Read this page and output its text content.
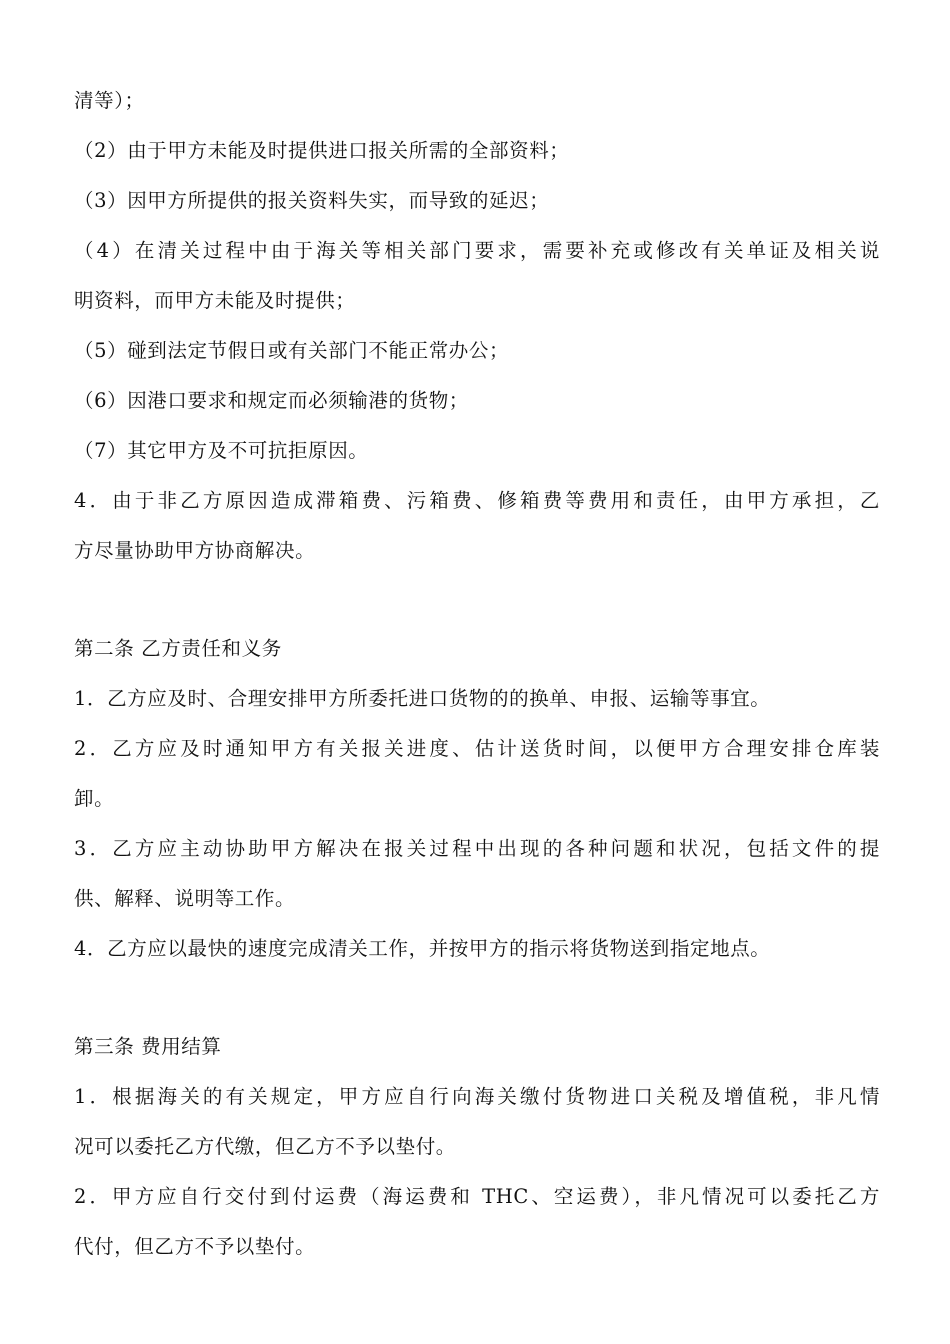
清等）；
（2）由于甲方未能及时提供进口报关所需的全部资料；
（3）因甲方所提供的报关资料失实，而导致的延迟；
（4）在清关过程中由于海关等相关部门要求，需要补充或修改有关单证及相关说
明资料，而甲方未能及时提供；
（5）碰到法定节假日或有关部门不能正常办公；
（6）因港口要求和规定而必须输港的货物；
（7）其它甲方及不可抗拒原因。
4．由于非乙方原因造成滞箱费、污箱费、修箱费等费用和责任，由甲方承担，乙
方尽量协助甲方协商解决。
第二条 乙方责任和义务
1．乙方应及时、合理安排甲方所委托进口货物的的换单、申报、运输等事宜。
2．乙方应及时通知甲方有关报关进度、估计送货时间，以便甲方合理安排仓库装
卸。
3．乙方应主动协助甲方解决在报关过程中出现的各种问题和状况，包括文件的提
供、解释、说明等工作。
4．乙方应以最快的速度完成清关工作，并按甲方的指示将货物送到指定地点。
第三条 费用结算
1．根据海关的有关规定，甲方应自行向海关缴付货物进口关税及增值税，非凡情
况可以委托乙方代缴，但乙方不予以垫付。
2．甲方应自行交付到付运费（海运费和 THC、空运费），非凡情况可以委托乙方
代付，但乙方不予以垫付。
